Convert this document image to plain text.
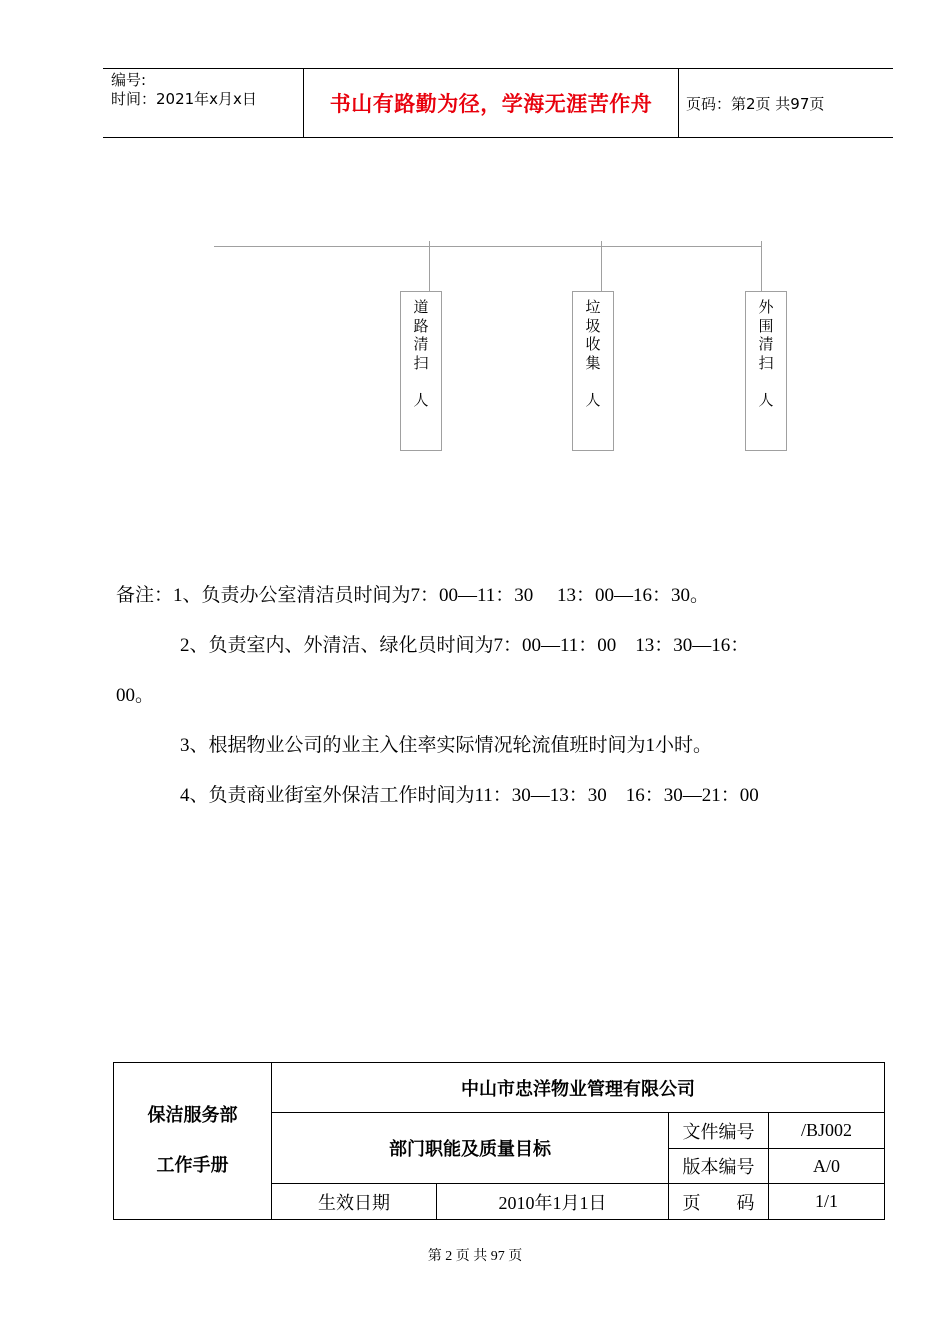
编号:
时间：2021年x月x日	书山有路勤为径，学海无涯苦作舟	页码：第2页 共97页
道
路
清
扫
人
垃
圾
收
集
人
外
围
清
扫
人
备注：1、负责办公室清洁员时间为7：00—11：30　 13：00—16：30。
2、负责室内、外清洁、绿化员时间为7：00—11：00　13：30—16：
00。
3、根据物业公司的业主入住率实际情况轮流值班时间为1小时。
4、负责商业街室外保洁工作时间为11：30—13：30　16：30—21：00
保洁服务部
工作手册	中山市忠洋物业管理有限公司			
	部门职能及质量目标		文件编号	/BJ002
			版本编号	A/0
	生效日期	2010年1月1日	页　　码	1/1
第 2 页 共 97 页
